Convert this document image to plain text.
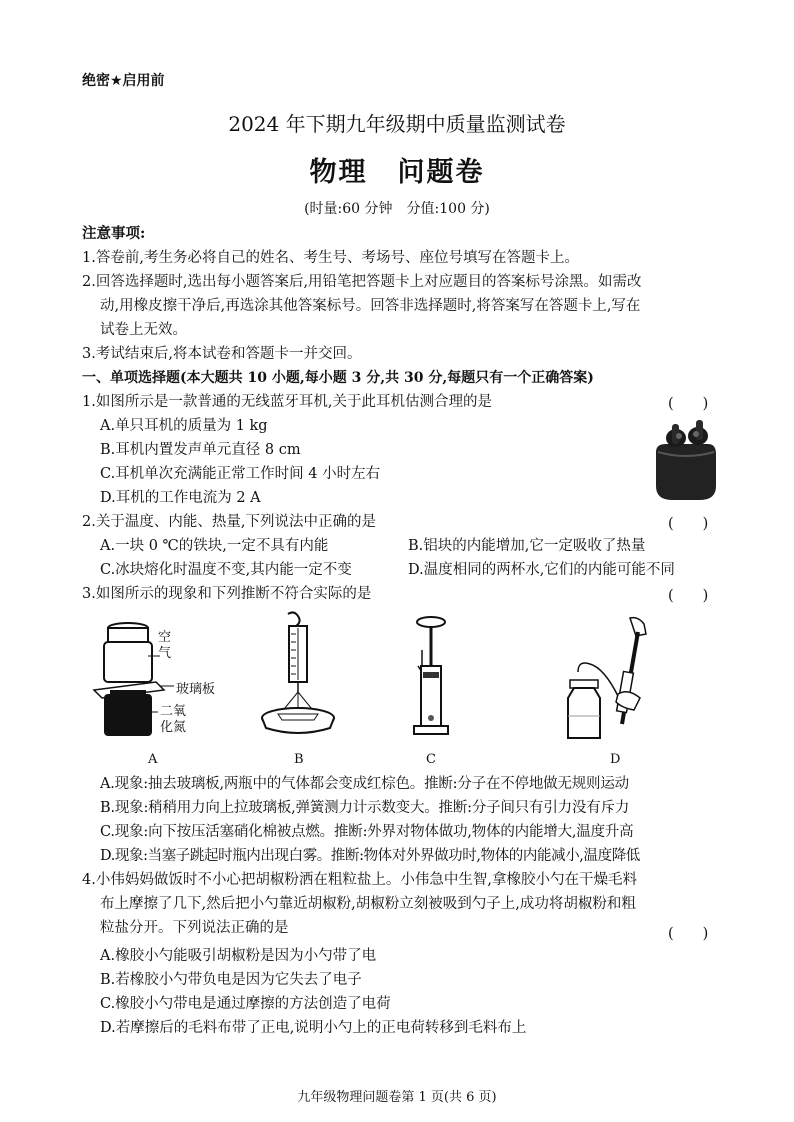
绝密★启用前
2024 年下期九年级期中质量监测试卷
物理 问题卷
(时量:60 分钟　分值:100 分)
注意事项:
1.答卷前,考生务必将自己的姓名、考生号、考场号、座位号填写在答题卡上。
2.回答选择题时,选出每小题答案后,用铅笔把答题卡上对应题目的答案标号涂黑。如需改
动,用橡皮擦干净后,再选涂其他答案标号。回答非选择题时,将答案写在答题卡上,写在
试卷上无效。
3.考试结束后,将本试卷和答题卡一并交回。
一、单项选择题(本大题共 10 小题,每小题 3 分,共 30 分,每题只有一个正确答案)
1.如图所示是一款普通的无线蓝牙耳机,关于此耳机估测合理的是	(　　)
A.单只耳机的质量为 1 kg
B.耳机内置发声单元直径 8 cm
C.耳机单次充满能正常工作时间 4 小时左右
D.耳机的工作电流为 2 A
2.关于温度、内能、热量,下列说法中正确的是	(　　)
A.一块 0 ℃的铁块,一定不具有内能	B.铝块的内能增加,它一定吸收了热量
C.冰块熔化时温度不变,其内能一定不变	D.温度相同的两杯水,它们的内能可能不同
3.如图所示的现象和下列推断不符合实际的是	(　　)
空
气
玻璃板
二氧
化氮
A	B	C	D
A.现象:抽去玻璃板,两瓶中的气体都会变成红棕色。推断:分子在不停地做无规则运动
B.现象:稍稍用力向上拉玻璃板,弹簧测力计示数变大。推断:分子间只有引力没有斥力
C.现象:向下按压活塞硝化棉被点燃。推断:外界对物体做功,物体的内能增大,温度升高
D.现象:当塞子跳起时瓶内出现白雾。推断:物体对外界做功时,物体的内能减小,温度降低
4.小伟妈妈做饭时不小心把胡椒粉洒在粗粒盐上。小伟急中生智,拿橡胶小勺在干燥毛料
布上摩擦了几下,然后把小勺靠近胡椒粉,胡椒粉立刻被吸到勺子上,成功将胡椒粉和粗
粒盐分开。下列说法正确的是	(　　)
A.橡胶小勺能吸引胡椒粉是因为小勺带了电
B.若橡胶小勺带负电是因为它失去了电子
C.橡胶小勺带电是通过摩擦的方法创造了电荷
D.若摩擦后的毛料布带了正电,说明小勺上的正电荷转移到毛料布上
九年级物理问题卷第 1 页(共 6 页)
